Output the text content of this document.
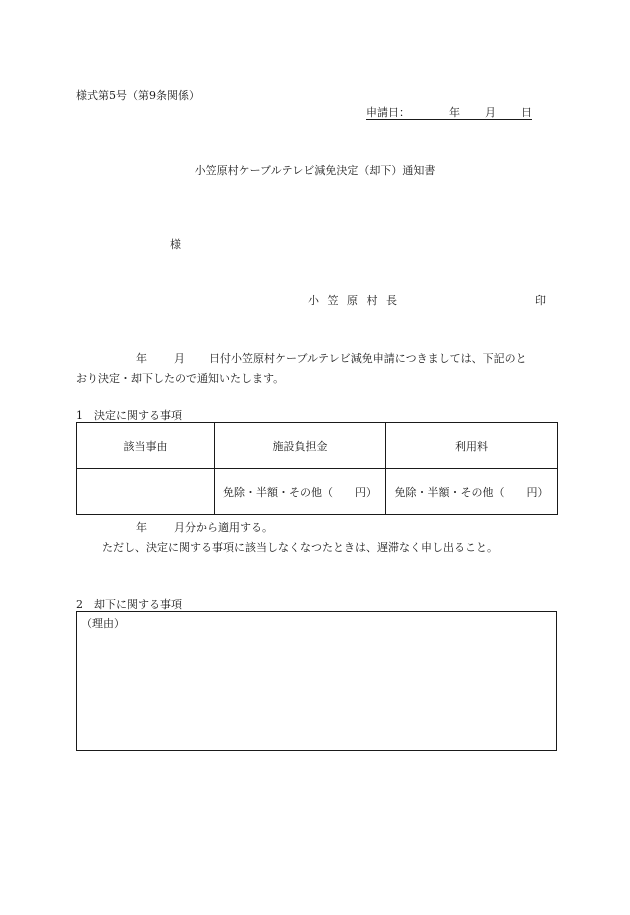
様式第5号（第9条関係）
申請日：	年 月 日
小笠原村ケーブルテレビ減免決定（却下）通知書
様
小笠原村長	印
年 月 日付小笠原村ケーブルテレビ減免申請につきましては、下記のと
おり決定・却下したので通知いたします。
1　決定に関する事項
該当事由	施設負担金	利用料
	免除・半額・その他（　　円）	免除・半額・その他（　　円）
年 月分から適用する。
ただし、決定に関する事項に該当しなくなつたときは、遅滞なく申し出ること。
2　却下に関する事項
（理由）
